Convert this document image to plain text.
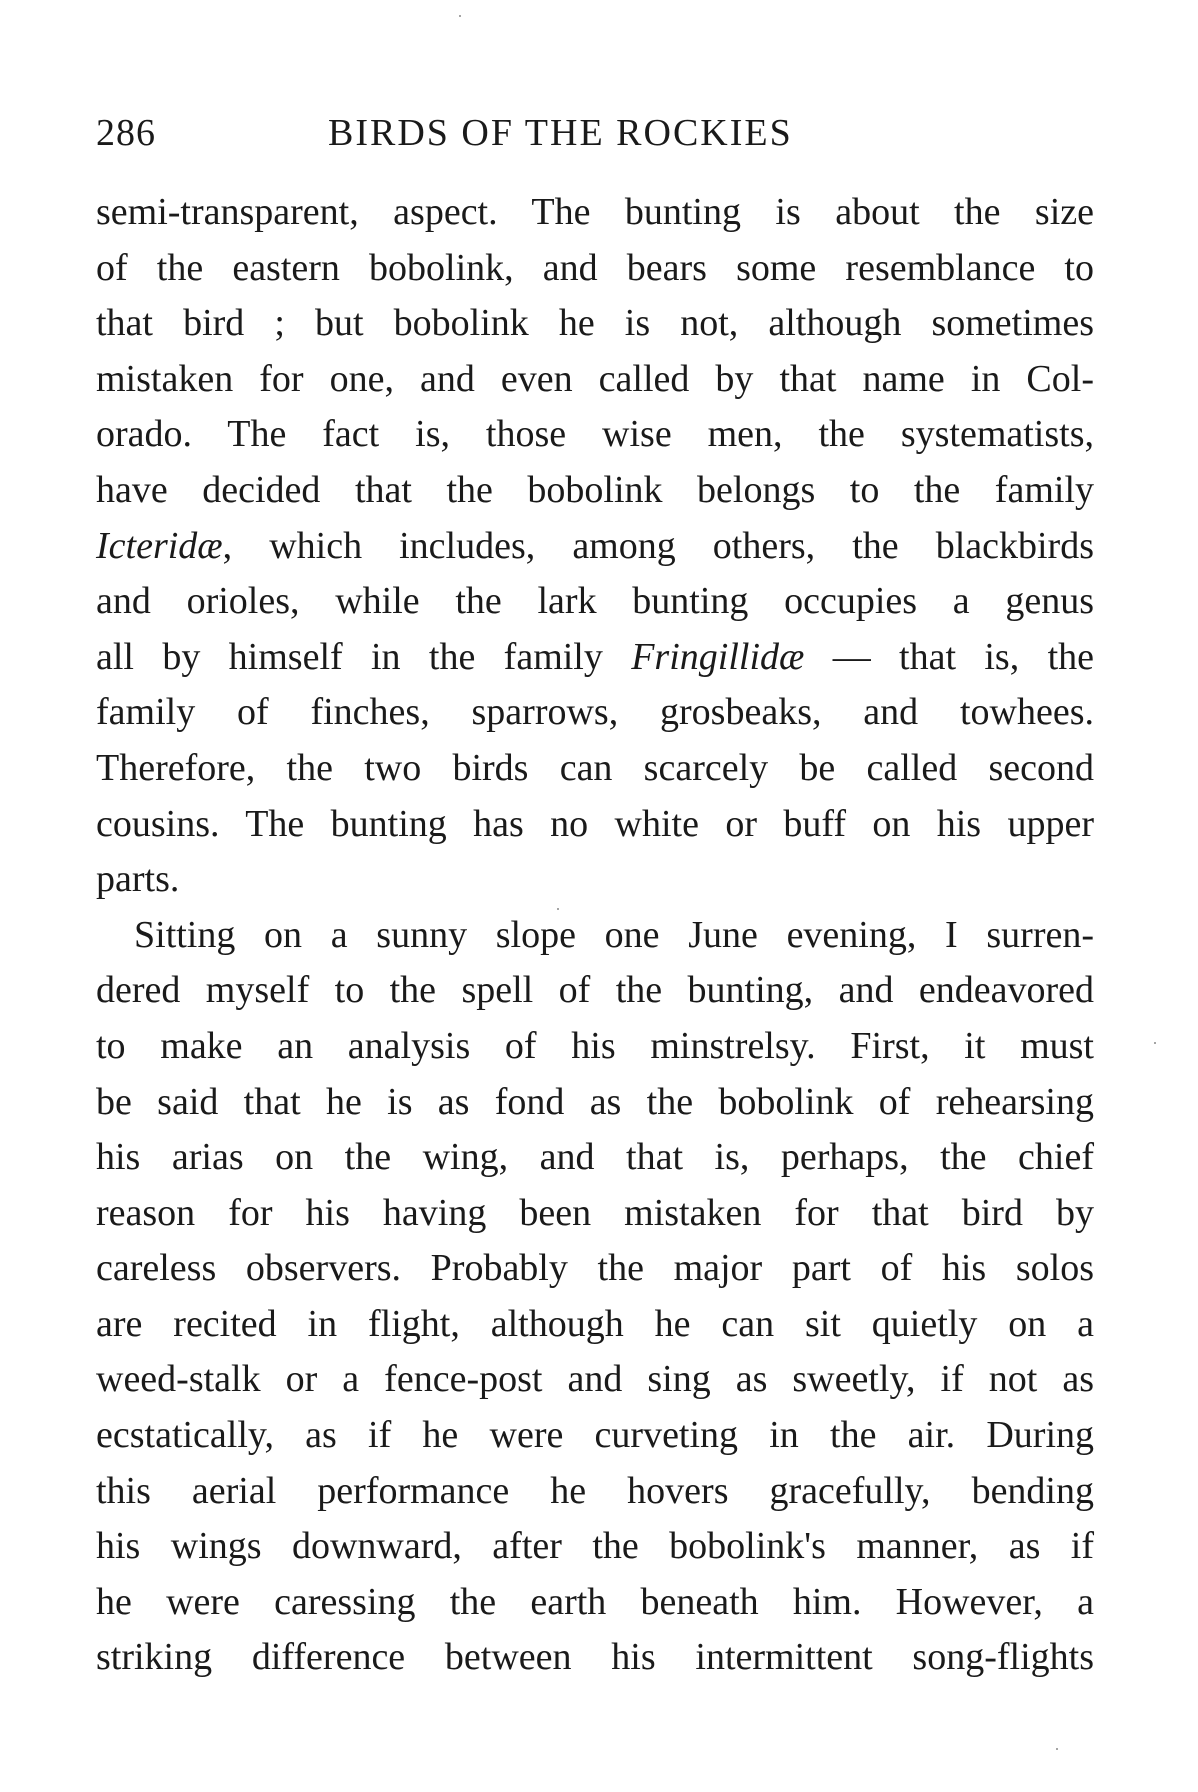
286	BIRDS OF THE ROCKIES
semi-transparent, aspect. The bunting is about the size
of the eastern bobolink, and bears some resemblance to
that bird ; but bobolink he is not, although sometimes
mistaken for one, and even called by that name in Col-
orado. The fact is, those wise men, the systematists,
have decided that the bobolink belongs to the family
Icteridæ, which includes, among others, the blackbirds
and orioles, while the lark bunting occupies a genus
all by himself in the family Fringillidæ — that is, the
family of finches, sparrows, grosbeaks, and towhees.
Therefore, the two birds can scarcely be called second
cousins. The bunting has no white or buff on his upper
parts.
Sitting on a sunny slope one June evening, I surren-
dered myself to the spell of the bunting, and endeavored
to make an analysis of his minstrelsy. First, it must
be said that he is as fond as the bobolink of rehearsing
his arias on the wing, and that is, perhaps, the chief
reason for his having been mistaken for that bird by
careless observers. Probably the major part of his solos
are recited in flight, although he can sit quietly on a
weed-stalk or a fence-post and sing as sweetly, if not as
ecstatically, as if he were curveting in the air. During
this aerial performance he hovers gracefully, bending
his wings downward, after the bobolink's manner, as if
he were caressing the earth beneath him. However, a
striking difference between his intermittent song-flights
